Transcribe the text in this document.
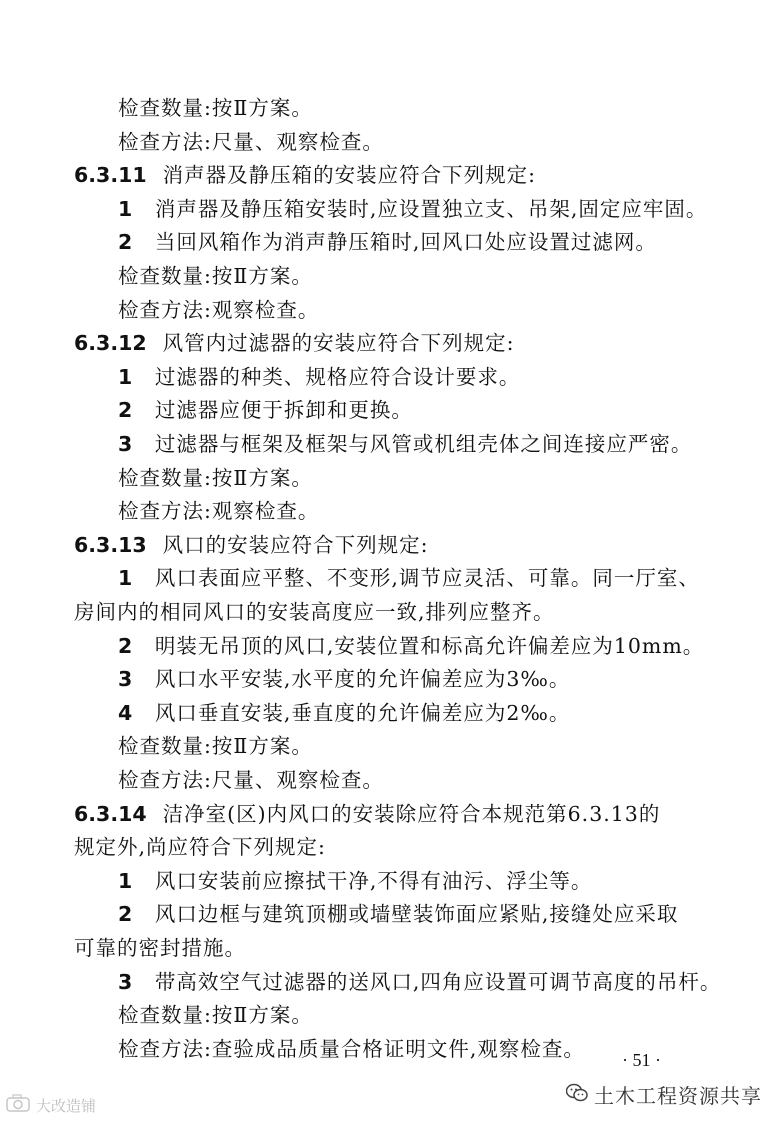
检查数量:按Ⅱ方案。
检查方法:尺量、观察检查。
6.3.11 消声器及静压箱的安装应符合下列规定:
1 消声器及静压箱安装时,应设置独立支、吊架,固定应牢固。
2 当回风箱作为消声静压箱时,回风口处应设置过滤网。
检查数量:按Ⅱ方案。
检查方法:观察检查。
6.3.12 风管内过滤器的安装应符合下列规定:
1 过滤器的种类、规格应符合设计要求。
2 过滤器应便于拆卸和更换。
3 过滤器与框架及框架与风管或机组壳体之间连接应严密。
检查数量:按Ⅱ方案。
检查方法:观察检查。
6.3.13 风口的安装应符合下列规定:
1 风口表面应平整、不变形,调节应灵活、可靠。同一厅室、
房间内的相同风口的安装高度应一致,排列应整齐。
2 明装无吊顶的风口,安装位置和标高允许偏差应为10mm。
3 风口水平安装,水平度的允许偏差应为3‰。
4 风口垂直安装,垂直度的允许偏差应为2‰。
检查数量:按Ⅱ方案。
检查方法:尺量、观察检查。
6.3.14 洁净室(区)内风口的安装除应符合本规范第6.3.13的
规定外,尚应符合下列规定:
1 风口安装前应擦拭干净,不得有油污、浮尘等。
2 风口边框与建筑顶棚或墙壁装饰面应紧贴,接缝处应采取
可靠的密封措施。
3 带高效空气过滤器的送风口,四角应设置可调节高度的吊杆。
检查数量:按Ⅱ方案。
检查方法:查验成品质量合格证明文件,观察检查。 · 51 ·
土木工程资源共享
大改造铺
